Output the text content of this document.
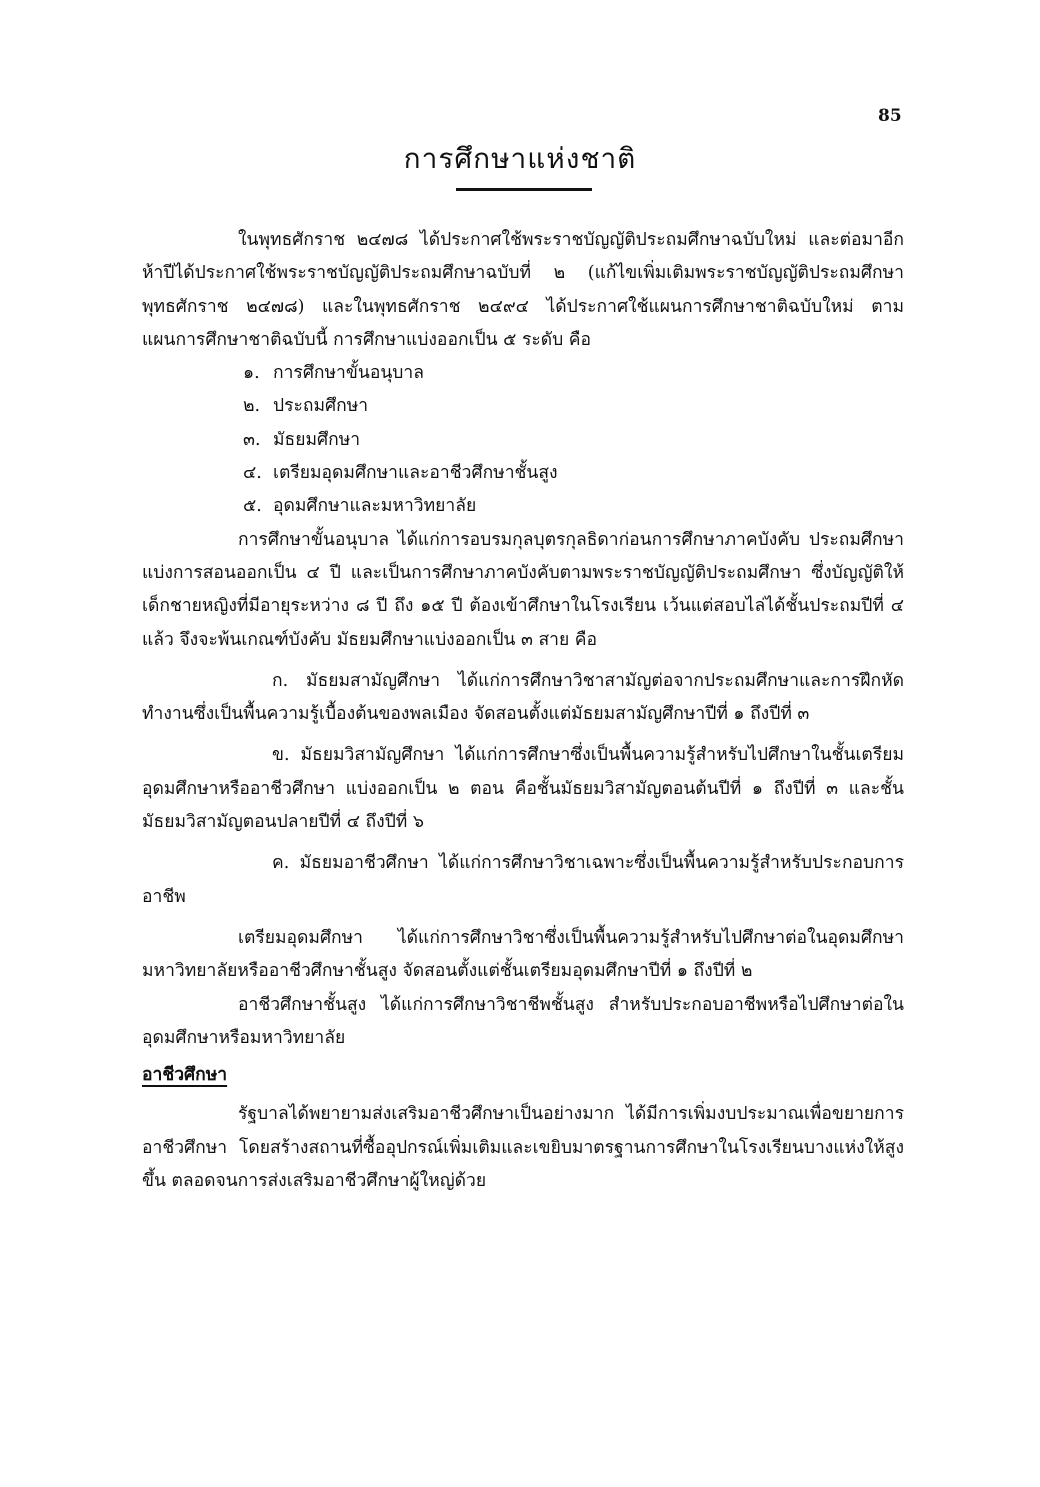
85
การศึกษาแห่งชาติ

ในพุทธศักราช ๒๔๗๘ ได้ประกาศใช้พระราชบัญญัติประถมศึกษาฉบับใหม่ และต่อมาอีกห้าปีได้ประกาศใช้พระราชบัญญัติประถมศึกษาฉบับที่ ๒ (แก้ไขเพิ่มเติมพระราชบัญญัติประถมศึกษาพุทธศักราช ๒๔๗๘) และในพุทธศักราช ๒๔๙๔ ได้ประกาศใช้แผนการศึกษาชาติฉบับใหม่ ตามแผนการศึกษาชาติฉบับนี้ การศึกษาแบ่งออกเป็น ๕ ระดับ คือ

๑. การศึกษาขั้นอนุบาล
๒. ประถมศึกษา
๓. มัธยมศึกษา
๔. เตรียมอุดมศึกษาและอาชีวศึกษาชั้นสูง
๕. อุดมศึกษาและมหาวิทยาลัย

การศึกษาขั้นอนุบาล ได้แก่การอบรมกุลบุตรกุลธิดาก่อนการศึกษาภาคบังคับ ประถมศึกษาแบ่งการสอนออกเป็น ๔ ปี และเป็นการศึกษาภาคบังคับตามพระราชบัญญัติประถมศึกษา ซึ่งบัญญัติให้เด็กชายหญิงที่มีอายุระหว่าง ๘ ปี ถึง ๑๕ ปี ต้องเข้าศึกษาในโรงเรียน เว้นแต่สอบไล่ได้ชั้นประถมปีที่ ๔ แล้ว จึงจะพ้นเกณฑ์บังคับ มัธยมศึกษาแบ่งออกเป็น ๓ สาย คือ

ก. มัธยมสามัญศึกษา ได้แก่การศึกษาวิชาสามัญต่อจากประถมศึกษาและการฝึกหัดทำงานซึ่งเป็นพื้นความรู้เบื้องต้นของพลเมือง จัดสอนตั้งแต่มัธยมสามัญศึกษาปีที่ ๑ ถึงปีที่ ๓

ข. มัธยมวิสามัญศึกษา ได้แก่การศึกษาซึ่งเป็นพื้นความรู้สำหรับไปศึกษาในชั้นเตรียมอุดมศึกษาหรืออาชีวศึกษา แบ่งออกเป็น ๒ ตอน คือชั้นมัธยมวิสามัญตอนต้นปีที่ ๑ ถึงปีที่ ๓ และชั้นมัธยมวิสามัญตอนปลายปีที่ ๔ ถึงปีที่ ๖

ค. มัธยมอาชีวศึกษา ได้แก่การศึกษาวิชาเฉพาะซึ่งเป็นพื้นความรู้สำหรับประกอบการอาชีพ

เตรียมอุดมศึกษา ได้แก่การศึกษาวิชาซึ่งเป็นพื้นความรู้สำหรับไปศึกษาต่อในอุดมศึกษา มหาวิทยาลัยหรืออาชีวศึกษาชั้นสูง จัดสอนตั้งแต่ชั้นเตรียมอุดมศึกษาปีที่ ๑ ถึงปีที่ ๒

อาชีวศึกษาชั้นสูง ได้แก่การศึกษาวิชาชีพชั้นสูง สำหรับประกอบอาชีพหรือไปศึกษาต่อในอุดมศึกษาหรือมหาวิทยาลัย

อาชีวศึกษา

รัฐบาลได้พยายามส่งเสริมอาชีวศึกษาเป็นอย่างมาก ได้มีการเพิ่มงบประมาณเพื่อขยายการอาชีวศึกษา โดยสร้างสถานที่ซื้ออุปกรณ์เพิ่มเติมและเขยิบมาตรฐานการศึกษาในโรงเรียนบางแห่งให้สูงขึ้น ตลอดจนการส่งเสริมอาชีวศึกษาผู้ใหญ่ด้วย
